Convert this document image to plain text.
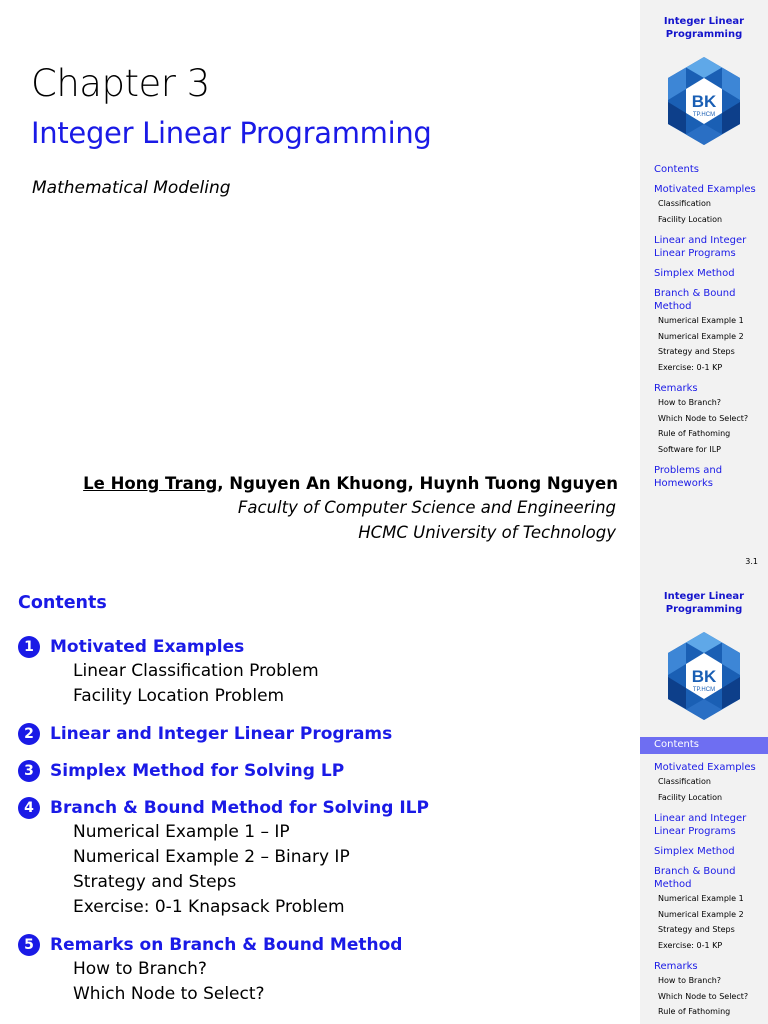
Chapter 3
Integer Linear Programming
Mathematical Modeling
Le Hong Trang, Nguyen An Khuong, Huynh Tuong Nguyen
Faculty of Computer Science and Engineering
HCMC University of Technology
Integer Linear
Programming
BK
TP.HCM
Contents
Motivated Examples
Classification
Facility Location
Linear and Integer
Linear Programs
Simplex Method
Branch & Bound
Method
Numerical Example 1
Numerical Example 2
Strategy and Steps
Exercise: 0-1 KP
Remarks
How to Branch?
Which Node to Select?
Rule of Fathoming
Software for ILP
Problems and
Homeworks
3.1
Contents
1 Motivated Examples
Linear Classification Problem
Facility Location Problem
2 Linear and Integer Linear Programs
3 Simplex Method for Solving LP
4 Branch & Bound Method for Solving ILP
Numerical Example 1 – IP
Numerical Example 2 – Binary IP
Strategy and Steps
Exercise: 0-1 Knapsack Problem
5 Remarks on Branch & Bound Method
How to Branch?
Which Node to Select?
Integer Linear
Programming
BK
TP.HCM
Contents
Motivated Examples
Classification
Facility Location
Linear and Integer
Linear Programs
Simplex Method
Branch & Bound
Method
Numerical Example 1
Numerical Example 2
Strategy and Steps
Exercise: 0-1 KP
Remarks
How to Branch?
Which Node to Select?
Rule of Fathoming
